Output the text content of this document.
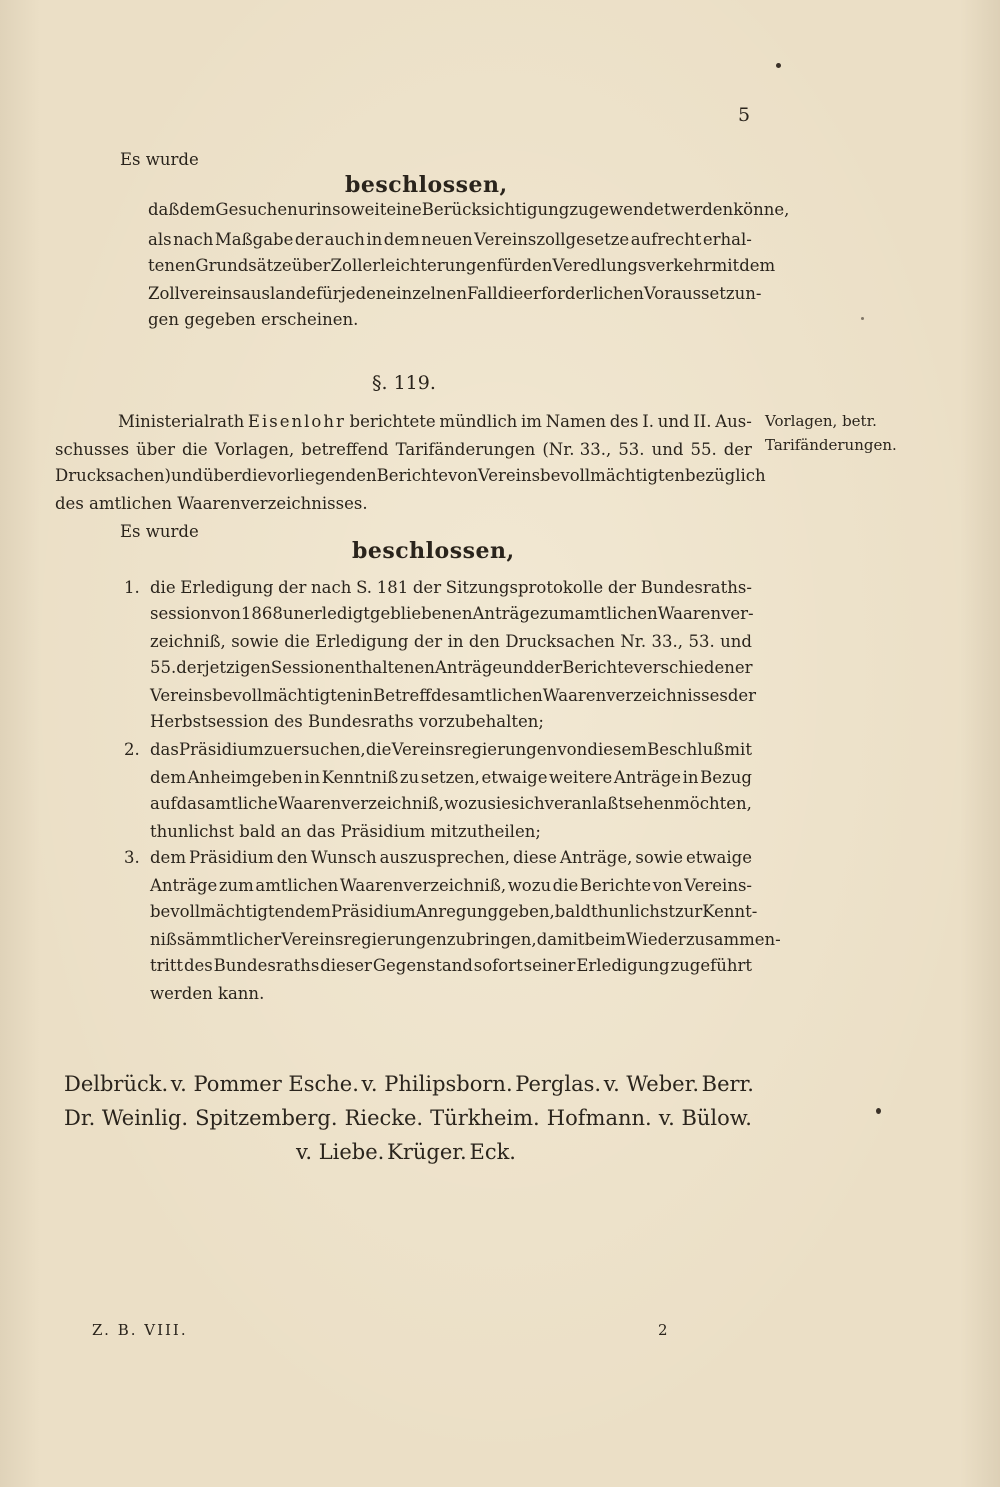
5
Es wurde
beschlossen,
daß dem Gesuche nur insoweit eine Berücksichtigung zugewendet werden könne,
als nach Maßgabe der auch in dem neuen Vereinszollgesetze aufrecht erhal-
tenen Grundsätze über Zollerleichterungen für den Veredlungsverkehr mit dem
Zollvereinsauslande für jeden einzelnen Fall die erforderlichen Voraussetzun-
gen gegeben erscheinen.
§. 119.
Ministerialrath Eisenlohr berichtete mündlich im Namen des I. und II. Aus-
schusses über die Vorlagen, betreffend Tarifänderungen (Nr. 33., 53. und 55. der
Drucksachen) und über die vorliegenden Berichte von Vereinsbevollmächtigten bezüglich
des amtlichen Waarenverzeichnisses.
Es wurde
beschlossen,
Vorlagen, betr.
Tarifänderungen.
1. die Erledigung der nach S. 181 der Sitzungsprotokolle der Bundesraths-
session von 1868 unerledigt gebliebenen Anträge zum amtlichen Waarenver-
zeichniß, sowie die Erledigung der in den Drucksachen Nr. 33., 53. und
55. der jetzigen Session enthaltenen Anträge und der Berichte verschiedener
Vereinsbevollmächtigten in Betreff des amtlichen Waarenverzeichnisses der
Herbstsession des Bundesraths vorzubehalten;
2. das Präsidium zu ersuchen, die Vereinsregierungen von diesem Beschluß mit
dem Anheimgeben in Kenntniß zu setzen, etwaige weitere Anträge in Bezug
auf das amtliche Waarenverzeichniß, wozu sie sich veranlaßt sehen möchten,
thunlichst bald an das Präsidium mitzutheilen;
3. dem Präsidium den Wunsch auszusprechen, diese Anträge, sowie etwaige
Anträge zum amtlichen Waarenverzeichniß, wozu die Berichte von Vereins-
bevollmächtigten dem Präsidium Anregung geben, baldthunlichst zur Kennt-
niß sämmtlicher Vereinsregierungen zu bringen, damit beim Wiederzusammen-
tritt des Bundesraths dieser Gegenstand sofort seiner Erledigung zugeführt
werden kann.
Delbrück. v. Pommer Esche. v. Philipsborn. Perglas. v. Weber. Berr.
Dr. Weinlig. Spitzemberg. Riecke. Türkheim. Hofmann. v. Bülow.
v. Liebe. Krüger. Eck.
Z. B. VIII.	2
